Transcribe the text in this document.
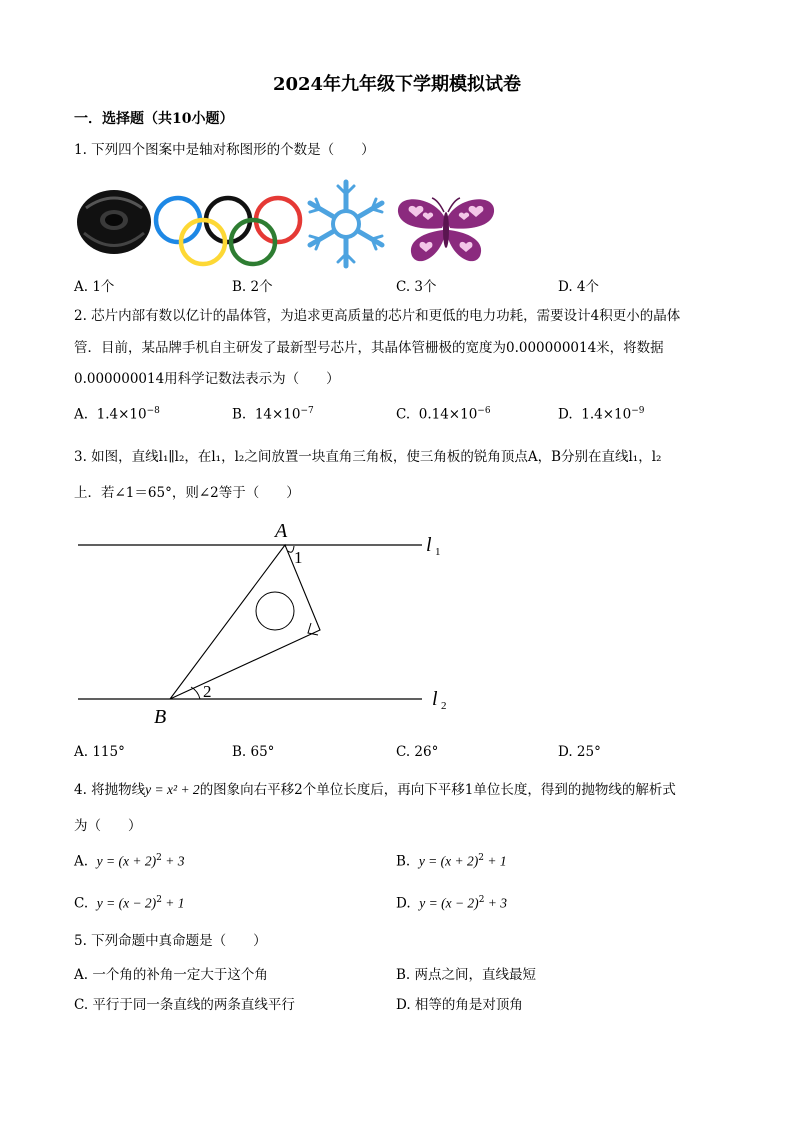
2024年九年级下学期模拟试卷
一．选择题（共10小题）
1. 下列四个图案中是轴对称图形的个数是（　　）
A. 1个	B. 2个	C. 3个	D. 4个
2. 芯片内部有数以亿计的晶体管，为追求更高质量的芯片和更低的电力功耗，需要设计4积更小的晶体
管．目前，某品牌手机自主研发了最新型号芯片，其晶体管栅极的宽度为0.000000014米，将数据
0.000000014用科学记数法表示为（　　）
A. $1.4\times 10^{-8}$	B. $14\times 10^{-7}$	C. $0.14\times 10^{-6}$	D. $1.4\times 10^{-9}$
3. 如图，直线l₁∥l₂，在l₁，l₂之间放置一块直角三角板，使三角板的锐角顶点A，B分别在直线l₁，l₂
上．若∠1＝65°，则∠2等于（　　）
A
1
2
B
l 1
l 2
A. 115°	B. 65°	C. 26°	D. 25°
4. 将抛物线y = x² + 2的图象向右平移2个单位长度后，再向下平移1单位长度，得到的抛物线的解析式
为（　　）
A. $y = (x + 2)^2 + 3$	B. $y = (x + 2)^2 + 1$
C. $y = (x - 2)^2 + 1$	D. $y = (x - 2)^2 + 3$
5. 下列命题中真命题是（　　）
A. 一个角的补角一定大于这个角	B. 两点之间，直线最短
C. 平行于同一条直线的两条直线平行	D. 相等的角是对顶角
